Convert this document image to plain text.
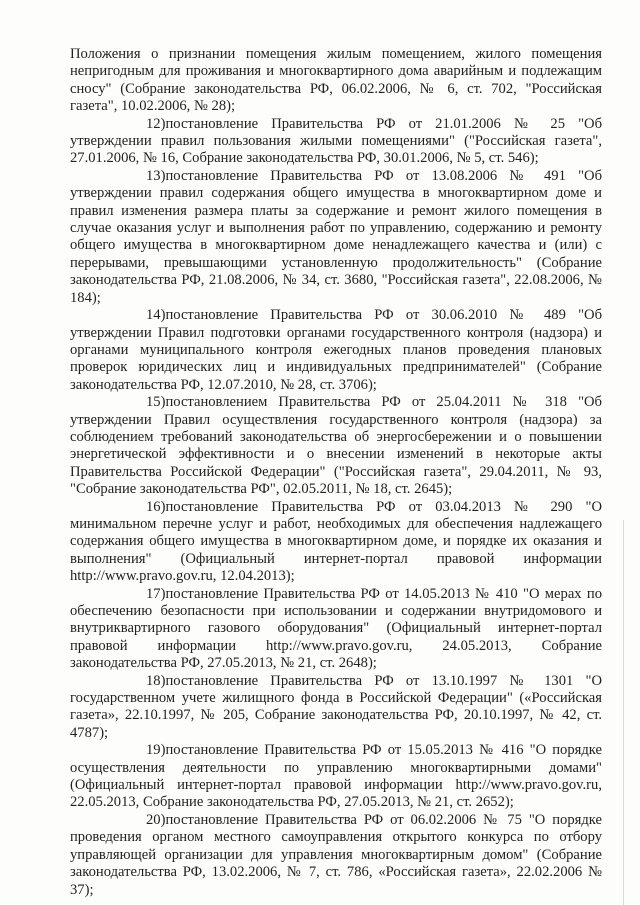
Положения о признании помещения жилым помещением, жилого помещения непригодным для проживания и многоквартирного дома аварийным и подлежащим сносу" (Собрание законодательства РФ, 06.02.2006, № 6, ст. 702, "Российская газета", 10.02.2006, № 28);

12)постановление Правительства РФ от 21.01.2006 № 25 "Об утверждении правил пользования жилыми помещениями" ("Российская газета", 27.01.2006, № 16, Собрание законодательства РФ, 30.01.2006, № 5, ст. 546);

13)постановление Правительства РФ от 13.08.2006 № 491 "Об утверждении правил содержания общего имущества в многоквартирном доме и правил изменения размера платы за содержание и ремонт жилого помещения в случае оказания услуг и выполнения работ по управлению, содержанию и ремонту общего имущества в многоквартирном доме ненадлежащего качества и (или) с перерывами, превышающими установленную продолжительность" (Собрание законодательства РФ, 21.08.2006, № 34, ст. 3680, "Российская газета", 22.08.2006, № 184);

14)постановление Правительства РФ от 30.06.2010 № 489 "Об утверждении Правил подготовки органами государственного контроля (надзора) и органами муниципального контроля ежегодных планов проведения плановых проверок юридических лиц и индивидуальных предпринимателей" (Собрание законодательства РФ, 12.07.2010, № 28, ст. 3706);

15)постановлением Правительства РФ от 25.04.2011 № 318 "Об утверждении Правил осуществления государственного контроля (надзора) за соблюдением требований законодательства об энергосбережении и о повышении энергетической эффективности и о внесении изменений в некоторые акты Правительства Российской Федерации" ("Российская газета", 29.04.2011, № 93, "Собрание законодательства РФ", 02.05.2011, № 18, ст. 2645);

16)постановление Правительства РФ от 03.04.2013 № 290 "О минимальном перечне услуг и работ, необходимых для обеспечения надлежащего содержания общего имущества в многоквартирном доме, и порядке их оказания и выполнения" (Официальный интернет-портал правовой информации http://www.pravo.gov.ru, 12.04.2013);

17)постановление Правительства РФ от 14.05.2013 № 410 "О мерах по обеспечению безопасности при использовании и содержании внутридомового и внутриквартирного газового оборудования" (Официальный интернет-портал правовой информации http://www.pravo.gov.ru, 24.05.2013, Собрание законодательства РФ, 27.05.2013, № 21, ст. 2648);

18)постановление Правительства РФ от 13.10.1997 № 1301 "О государственном учете жилищного фонда в Российской Федерации" («Российская газета», 22.10.1997, № 205, Собрание законодательства РФ, 20.10.1997, № 42, ст. 4787);

19)постановление Правительства РФ от 15.05.2013 № 416 "О порядке осуществления деятельности по управлению многоквартирными домами" (Официальный интернет-портал правовой информации http://www.pravo.gov.ru, 22.05.2013, Собрание законодательства РФ, 27.05.2013, № 21, ст. 2652);

20)постановление Правительства РФ от 06.02.2006 № 75 "О порядке проведения органом местного самоуправления открытого конкурса по отбору управляющей организации для управления многоквартирным домом" (Собрание законодательства РФ, 13.02.2006, № 7, ст. 786, «Российская газета», 22.02.2006 № 37);
